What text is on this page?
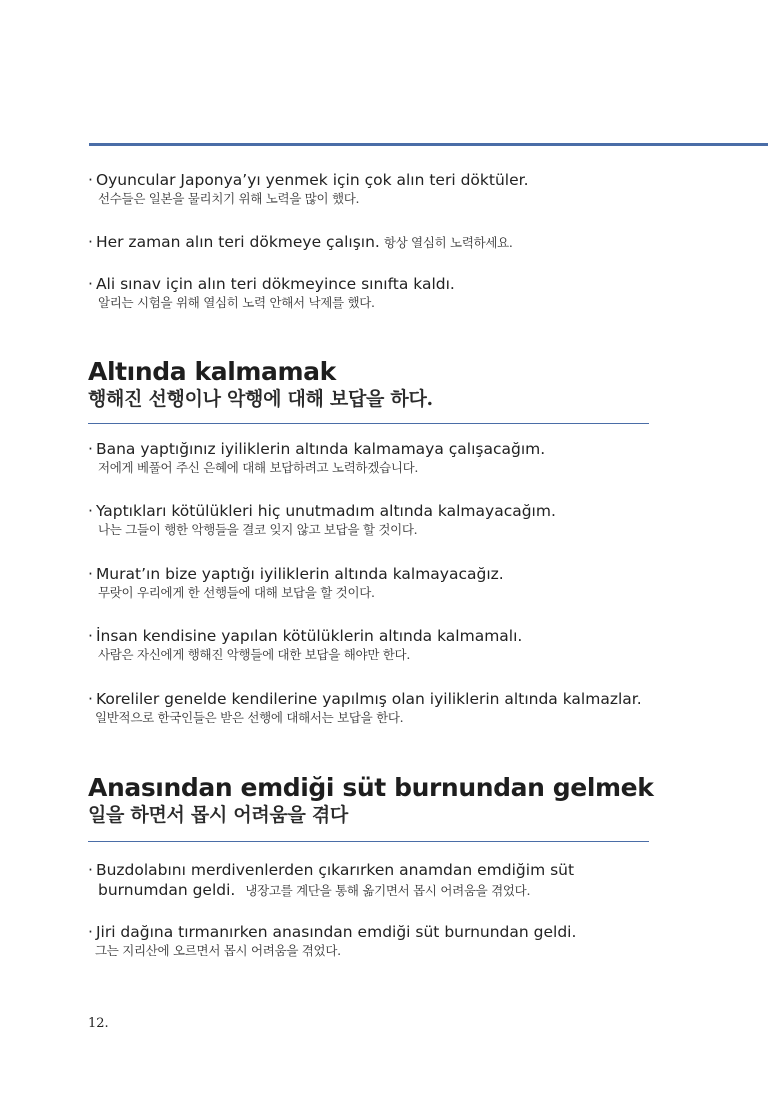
· Oyuncular Japonya’yı yenmek için çok alın teri döktüler.
선수들은 일본을 물리치기 위해 노력을 많이 했다.
· Her zaman alın teri dökmeye çalışın. 항상 열심히 노력하세요.
· Ali sınav için alın teri dökmeyince sınıfta kaldı.
알리는 시험을 위해 열심히 노력 안해서 낙제를 했다.
Altında kalmamak
행해진 선행이나 악행에 대해 보답을 하다.
· Bana yaptığınız iyiliklerin altında kalmamaya çalışacağım.
저에게 베풀어 주신 은혜에 대해 보답하려고 노력하겠습니다.
· Yaptıkları kötülükleri hiç unutmadım altında kalmayacağım.
나는 그들이 행한 악행들을 결코 잊지 않고 보답을 할 것이다.
· Murat’ın bize yaptığı iyiliklerin altında kalmayacağız.
무랏이 우리에게 한 선행들에 대해 보답을 할 것이다.
· İnsan kendisine yapılan kötülüklerin altında kalmamalı.
사람은 자신에게 행해진 악행들에 대한 보답을 해야만 한다.
· Koreliler genelde kendilerine yapılmış olan iyiliklerin altında kalmazlar.
일반적으로 한국인들은 받은 선행에 대해서는 보답을 한다.
Anasından emdiği süt burnundan gelmek
일을 하면서 몹시 어려움을 겪다
· Buzdolabını merdivenlerden çıkarırken anamdan emdiğim süt
burnumdan geldi. 냉장고를 계단을 통해 옮기면서 몹시 어려움을 겪었다.
· Jiri dağına tırmanırken anasından emdiği süt burnundan geldi.
그는 지리산에 오르면서 몹시 어려움을 겪었다.
12.
